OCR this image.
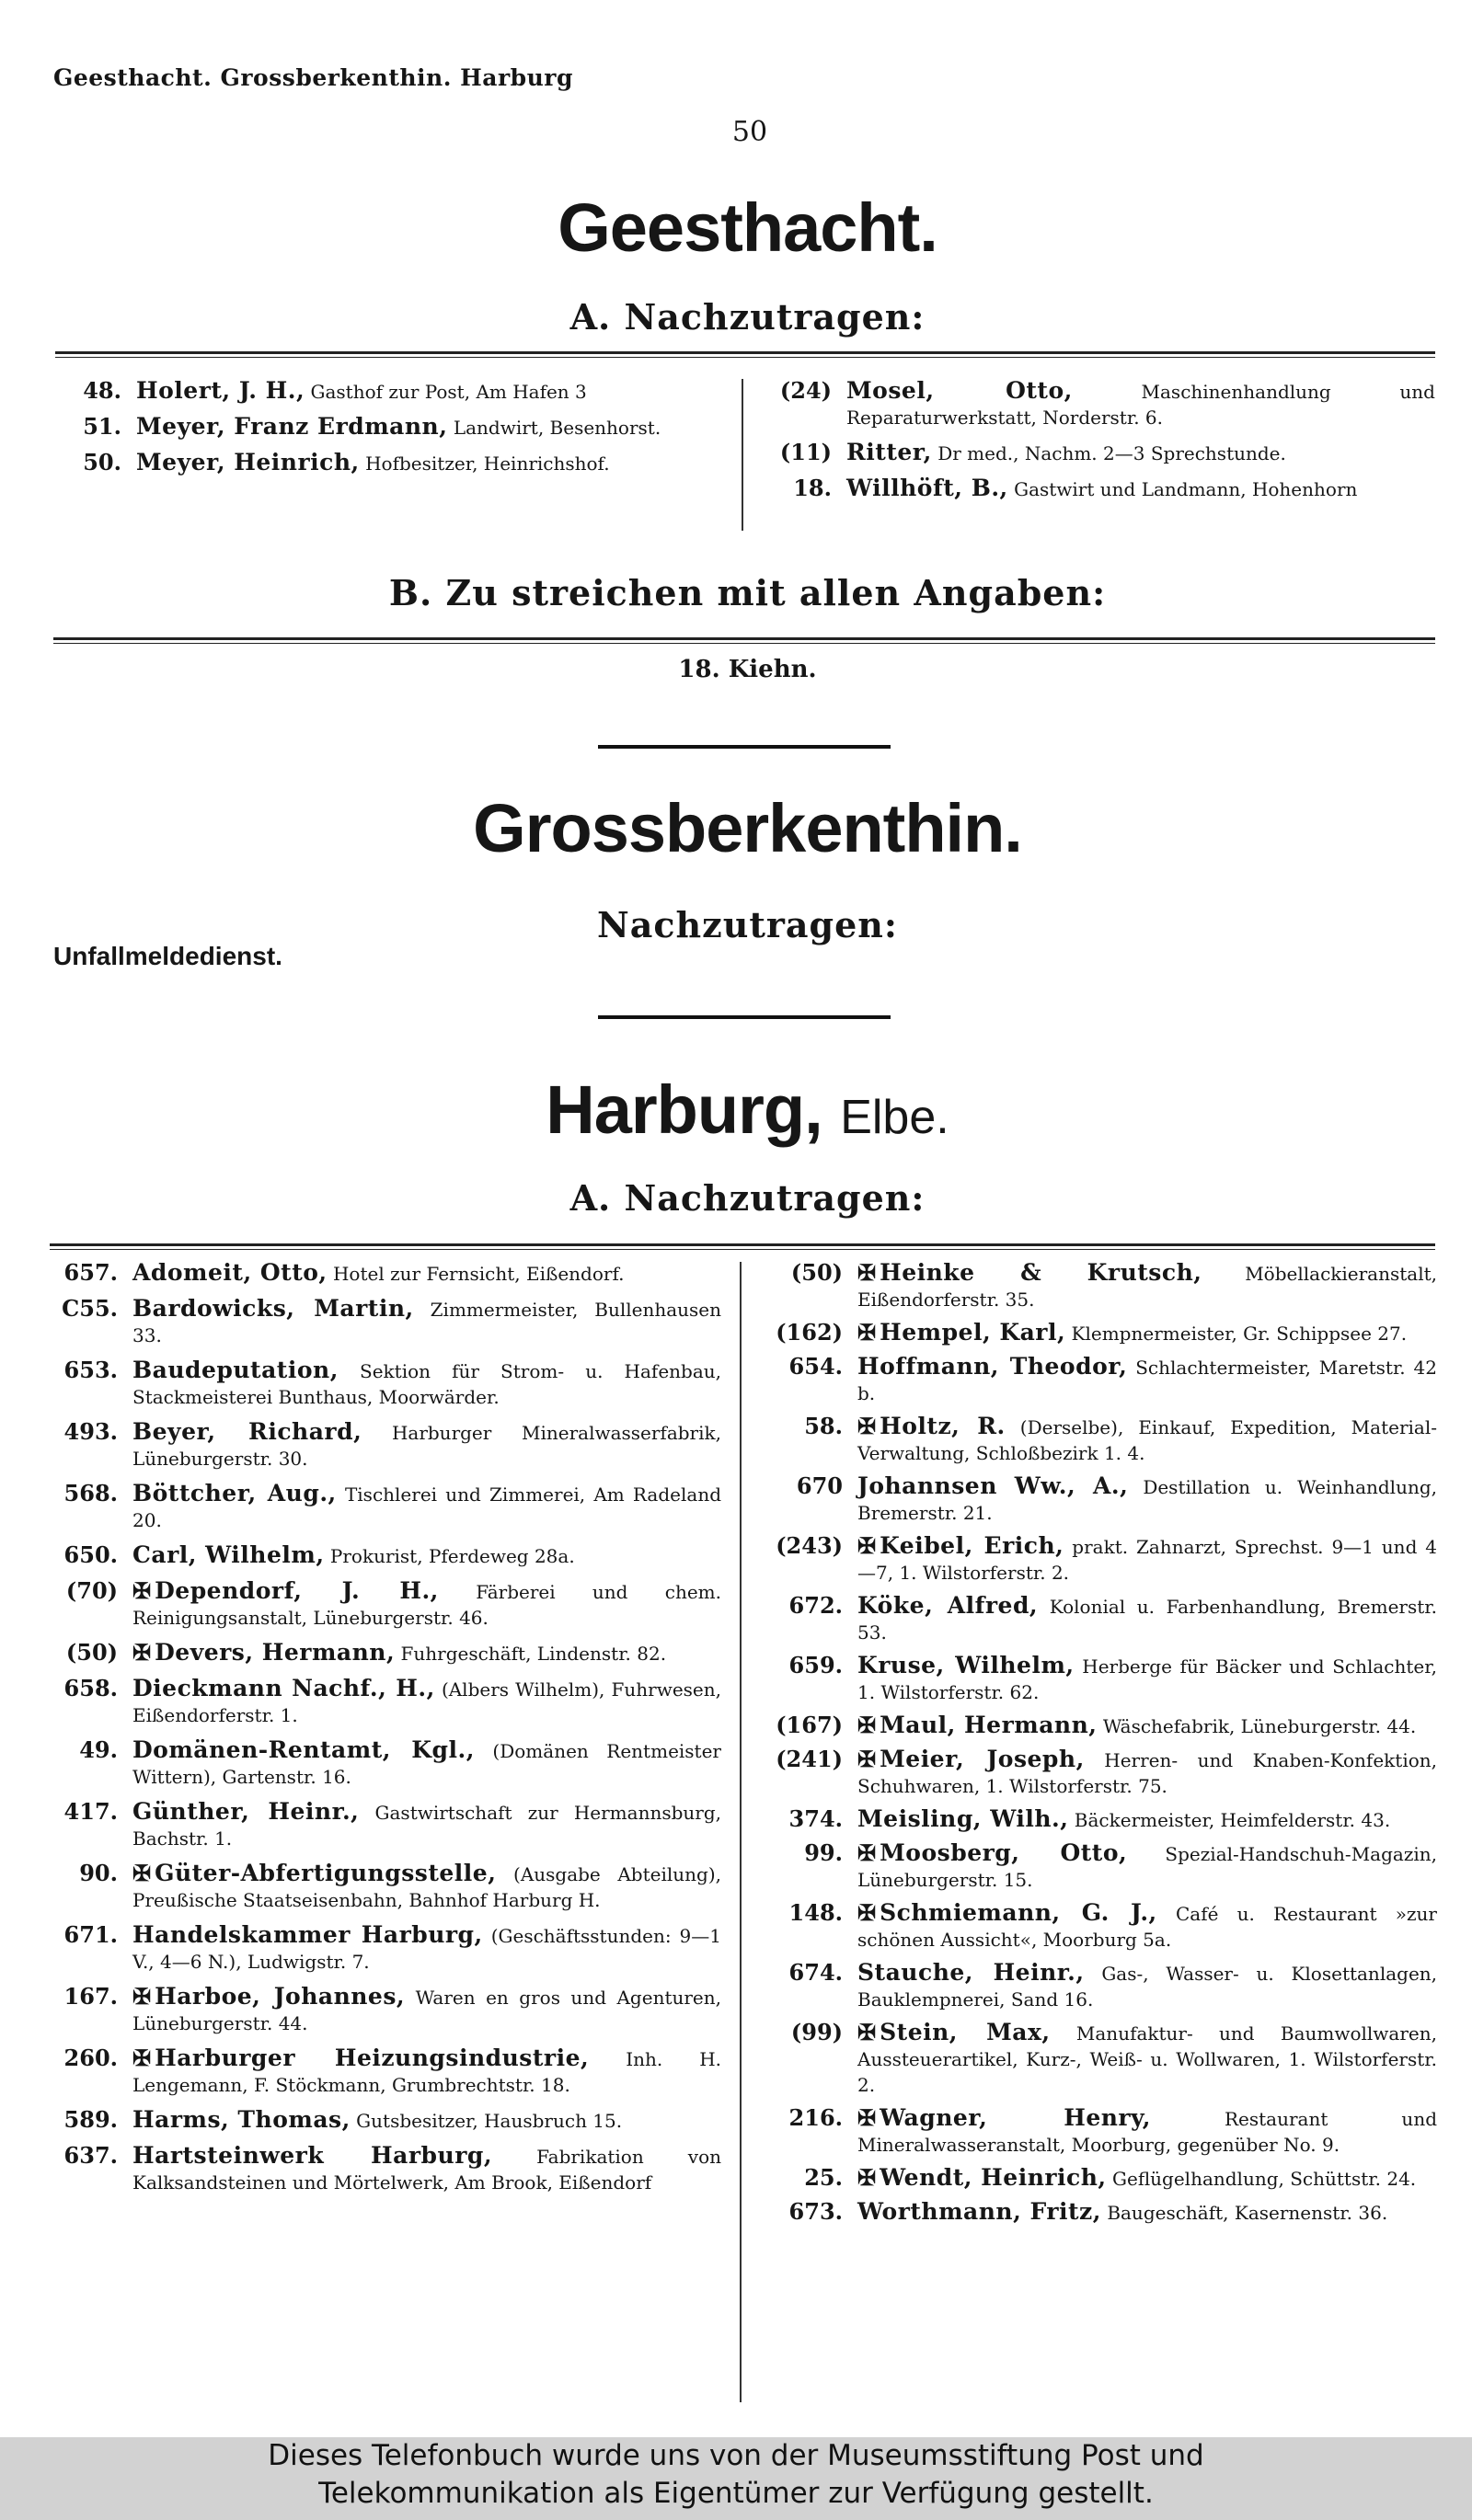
Geesthacht. Grossberkenthin. Harburg
50
Geesthacht.
A. Nachzutragen:
48. Holert, J. H., Gasthof zur Post, Am Hafen 3
51. Meyer, Franz Erdmann, Landwirt, Besenhorst.
50. Meyer, Heinrich, Hofbesitzer, Heinrichshof.
(24) Mosel, Otto,	Maschinenhandlung und Reparaturwerkstatt, Norderstr. 6.
(11) Ritter, Dr med., Nachm. 2—3 Sprechstunde.
18. Willhöft, B., Gastwirt und Landmann, Hohenhorn
B. Zu streichen mit allen Angaben:
18. Kiehn.
Grossberkenthin.
Nachzutragen:
Unfallmeldedienst.
Harburg, Elbe.
A. Nachzutragen:
657. Adomeit, Otto, Hotel zur Fernsicht, Eißendorf.
C55. Bardowicks, Martin, Zimmermeister, Bullenhausen 33.
653. Baudeputation, Sektion für Strom- u. Hafenbau, Stackmeisterei Bunthaus, Moorwärder.
493. Beyer, Richard, Harburger Mineralwasserfabrik, Lüneburgerstr. 30.
568. Böttcher, Aug., Tischlerei und Zimmerei, Am Radeland 20.
650. Carl, Wilhelm, Prokurist, Pferdeweg 28a.
(70) ✠ Dependorf, J. H., Färberei und chem. Reinigungsanstalt, Lüneburgerstr. 46.
(50) ✠ Devers, Hermann, Fuhrgeschäft, Lindenstr. 82.
658. Dieckmann Nachf., H., (Albers Wilhelm), Fuhrwesen, Eißendorferstr. 1.
49. Domänen-Rentamt, Kgl., (Domänen Rentmeister Wittern), Gartenstr. 16.
417. Günther, Heinr., Gastwirtschaft zur Hermannsburg, Bachstr. 1.
90. ✠ Güter-Abfertigungsstelle, (Ausgabe Abteilung), Preußische Staatseisenbahn, Bahnhof Harburg H.
671. Handelskammer Harburg, (Geschäftsstunden: 9—1 V., 4—6 N.), Ludwigstr. 7.
167. ✠ Harboe, Johannes, Waren en gros und Agenturen, Lüneburgerstr. 44.
260. ✠ Harburger Heizungsindustrie, Inh. H. Lengemann, F. Stöckmann, Grumbrechtstr. 18.
589. Harms, Thomas, Gutsbesitzer, Hausbruch 15.
637. Hartsteinwerk Harburg, Fabrikation von Kalksandsteinen und Mörtelwerk, Am Brook, Eißendorf
(50) ✠ Heinke & Krutsch, Möbellackieranstalt, Eißendorferstr. 35.
(162) ✠ Hempel, Karl, Klempnermeister, Gr. Schippsee 27.
654. Hoffmann, Theodor, Schlachtermeister, Maretstr. 42 b.
58. ✠ Holtz, R. (Derselbe), Einkauf, Expedition, Material-Verwaltung, Schloßbezirk 1. 4.
670 Johannsen Ww., A., Destillation u. Weinhandlung, Bremerstr. 21.
(243) ✠ Keibel, Erich, prakt. Zahnarzt, Sprechst. 9—1 und 4—7, 1. Wilstorferstr. 2.
672. Köke, Alfred, Kolonial u. Farbenhandlung, Bremerstr. 53.
659. Kruse, Wilhelm, Herberge für Bäcker und Schlachter, 1. Wilstorferstr. 62.
(167) ✠ Maul, Hermann, Wäschefabrik, Lüneburgerstr. 44.
(241) ✠ Meier, Joseph, Herren- und Knaben-Konfektion, Schuhwaren, 1. Wilstorferstr. 75.
374. Meisling, Wilh., Bäckermeister, Heimfelderstr. 43.
99. ✠ Moosberg, Otto, Spezial-Handschuh-Magazin, Lüneburgerstr. 15.
148. ✠ Schmiemann, G. J., Café u. Restaurant »zur schönen Aussicht«, Moorburg 5a.
674. Stauche, Heinr., Gas-, Wasser- u. Klosettanlagen, Bauklempnerei, Sand 16.
(99) ✠ Stein, Max, Manufaktur- und Baumwollwaren, Aussteuerartikel, Kurz-, Weiß- u. Wollwaren, 1. Wilstorferstr. 2.
216. ✠ Wagner, Henry,	Restaurant und Mineralwasseranstalt, Moorburg, gegenüber No. 9.
25. ✠ Wendt, Heinrich, Geflügelhandlung, Schüttstr. 24.
673. Worthmann, Fritz, Baugeschäft, Kasernenstr. 36.
Dieses Telefonbuch wurde uns von der Museumsstiftung Post und
Telekommunikation als Eigentümer zur Verfügung gestellt.
